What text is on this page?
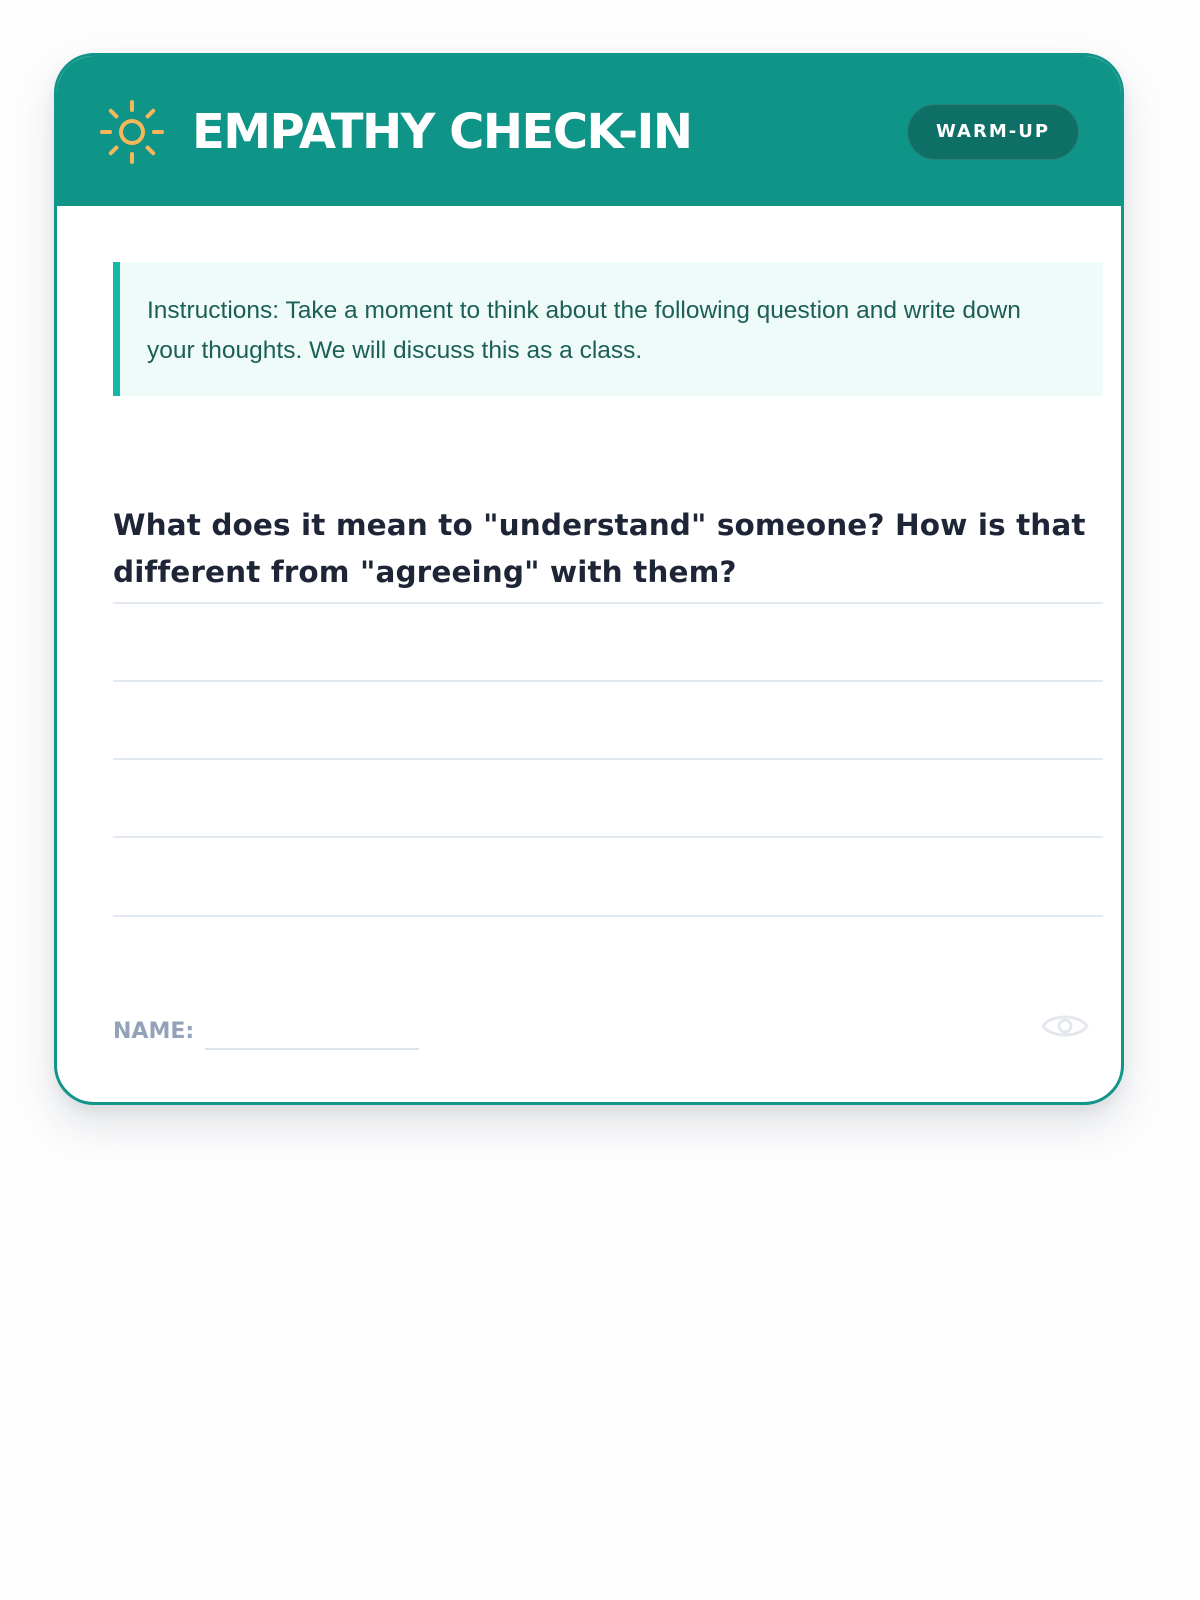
EMPATHY CHECK-IN	WARM-UP
Instructions: Take a moment to think about the following question and write down your thoughts. We will discuss this as a class.
What does it mean to "understand" someone? How is that different from "agreeing" with them?
NAME:
